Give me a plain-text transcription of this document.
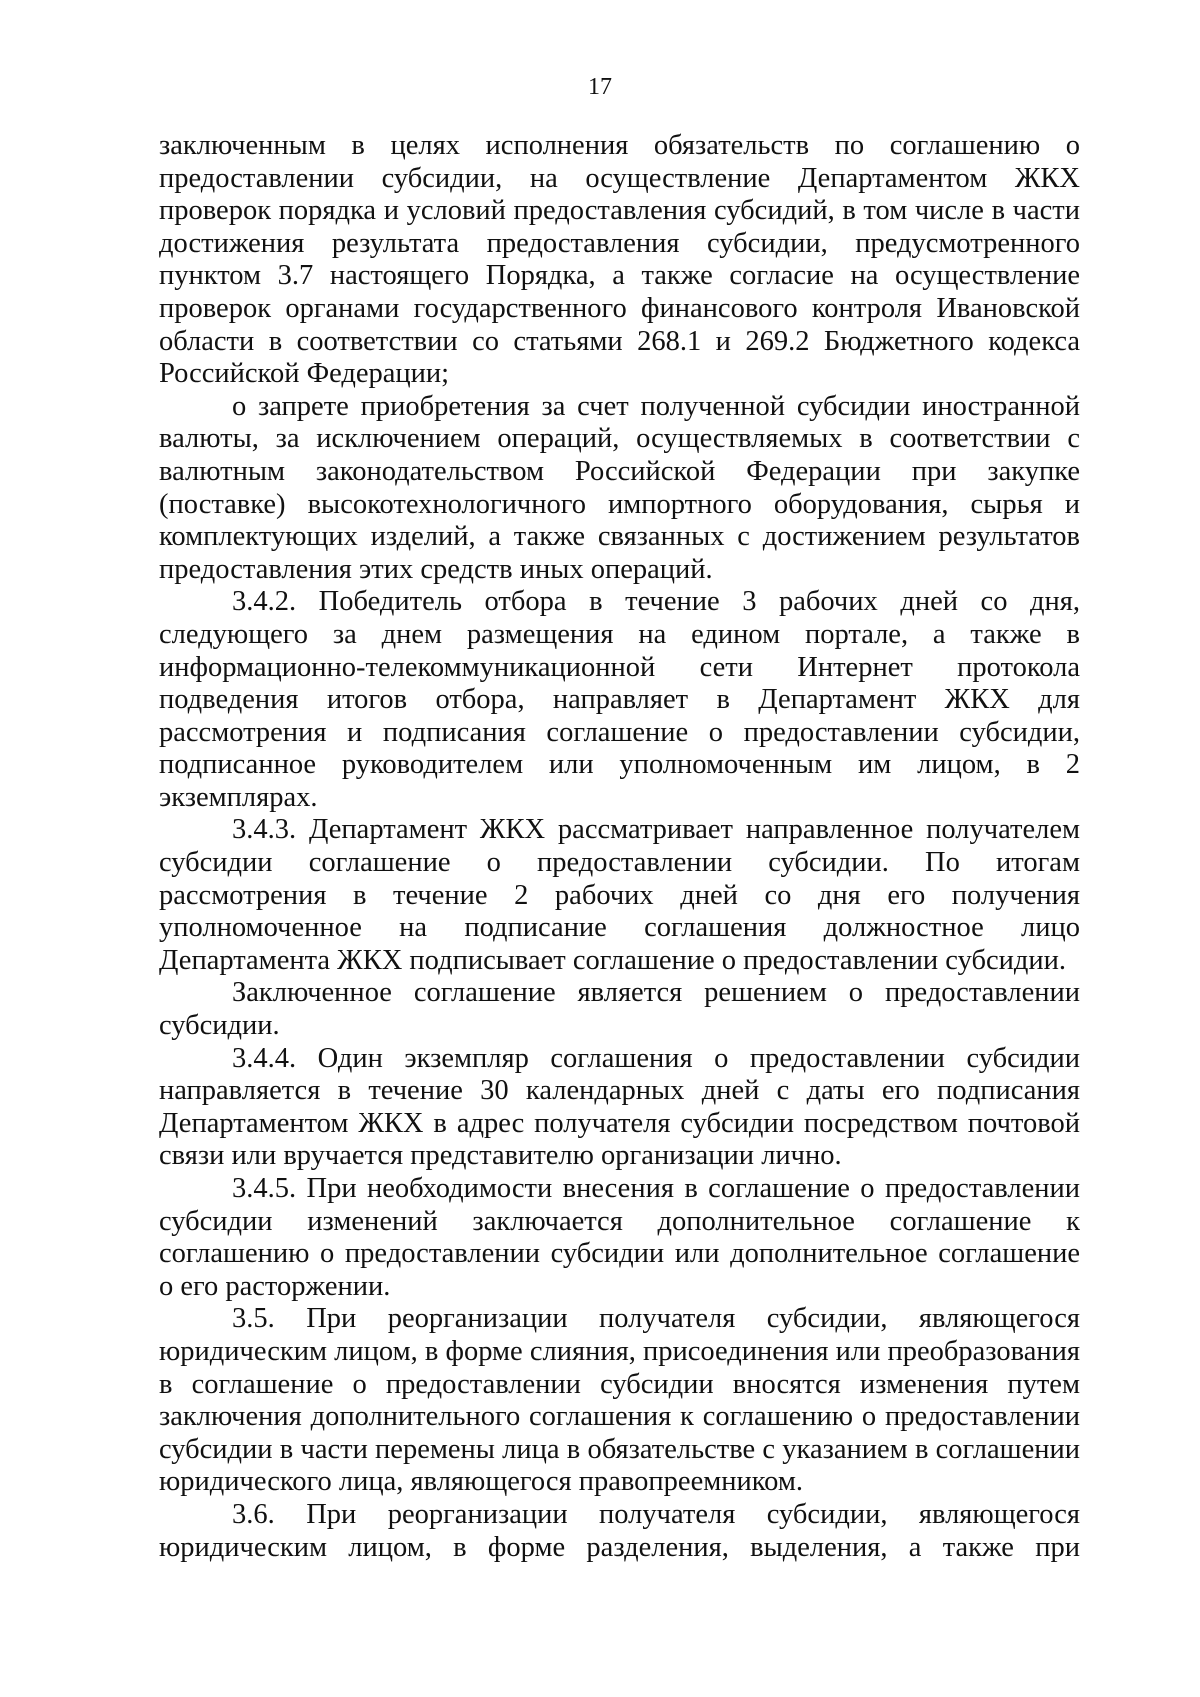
17

заключенным в целях исполнения обязательств по соглашению о предоставлении субсидии, на осуществление Департаментом ЖКХ проверок порядка и условий предоставления субсидий, в том числе в части достижения результата предоставления субсидии, предусмотренного пунктом 3.7 настоящего Порядка, а также согласие на осуществление проверок органами государственного финансового контроля Ивановской области в соответствии со статьями 268.1 и 269.2 Бюджетного кодекса Российской Федерации;

о запрете приобретения за счет полученной субсидии иностранной валюты, за исключением операций, осуществляемых в соответствии с валютным законодательством Российской Федерации при закупке (поставке) высокотехнологичного импортного оборудования, сырья и комплектующих изделий, а также связанных с достижением результатов предоставления этих средств иных операций.

3.4.2. Победитель отбора в течение 3 рабочих дней со дня, следующего за днем размещения на едином портале, а также в информационно-телекоммуникационной сети Интернет протокола подведения итогов отбора, направляет в Департамент ЖКХ для рассмотрения и подписания соглашение о предоставлении субсидии, подписанное руководителем или уполномоченным им лицом, в 2 экземплярах.

3.4.3. Департамент ЖКХ рассматривает направленное получателем субсидии соглашение о предоставлении субсидии. По итогам рассмотрения в течение 2 рабочих дней со дня его получения уполномоченное на подписание соглашения должностное лицо Департамента ЖКХ подписывает соглашение о предоставлении субсидии.

Заключенное соглашение является решением о предоставлении субсидии.

3.4.4. Один экземпляр соглашения о предоставлении субсидии направляется в течение 30 календарных дней с даты его подписания Департаментом ЖКХ в адрес получателя субсидии посредством почтовой связи или вручается представителю организации лично.

3.4.5. При необходимости внесения в соглашение о предоставлении субсидии изменений заключается дополнительное соглашение к соглашению о предоставлении субсидии или дополнительное соглашение о его расторжении.

3.5. При реорганизации получателя субсидии, являющегося юридическим лицом, в форме слияния, присоединения или преобразования в соглашение о предоставлении субсидии вносятся изменения путем заключения дополнительного соглашения к соглашению о предоставлении субсидии в части перемены лица в обязательстве с указанием в соглашении юридического лица, являющегося правопреемником.

3.6. При реорганизации получателя субсидии, являющегося юридическим лицом, в форме разделения, выделения, а также при
